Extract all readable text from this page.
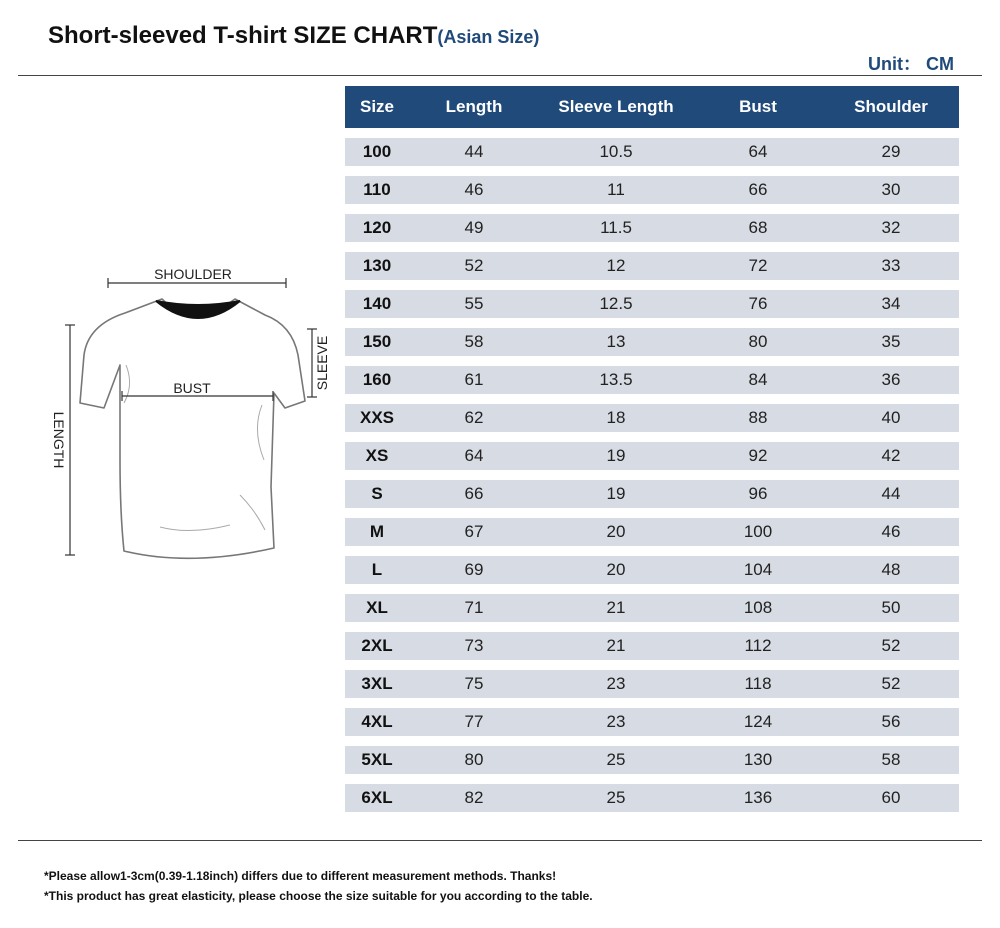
Short-sleeved T-shirt SIZE CHART(Asian Size)
Unit： CM
SHOULDER
BUST
LENGTH
SLEEVE
Size	Length	Sleeve Length	Bust	Shoulder
100	44	10.5	64	29
110	46	11	66	30
120	49	11.5	68	32
130	52	12	72	33
140	55	12.5	76	34
150	58	13	80	35
160	61	13.5	84	36
XXS	62	18	88	40
XS	64	19	92	42
S	66	19	96	44
M	67	20	100	46
L	69	20	104	48
XL	71	21	108	50
2XL	73	21	112	52
3XL	75	23	118	52
4XL	77	23	124	56
5XL	80	25	130	58
6XL	82	25	136	60

*Please allow1-3cm(0.39-1.18inch) differs due to different measurement methods. Thanks!

*This product has great elasticity, please choose the size suitable for you according to the table.
